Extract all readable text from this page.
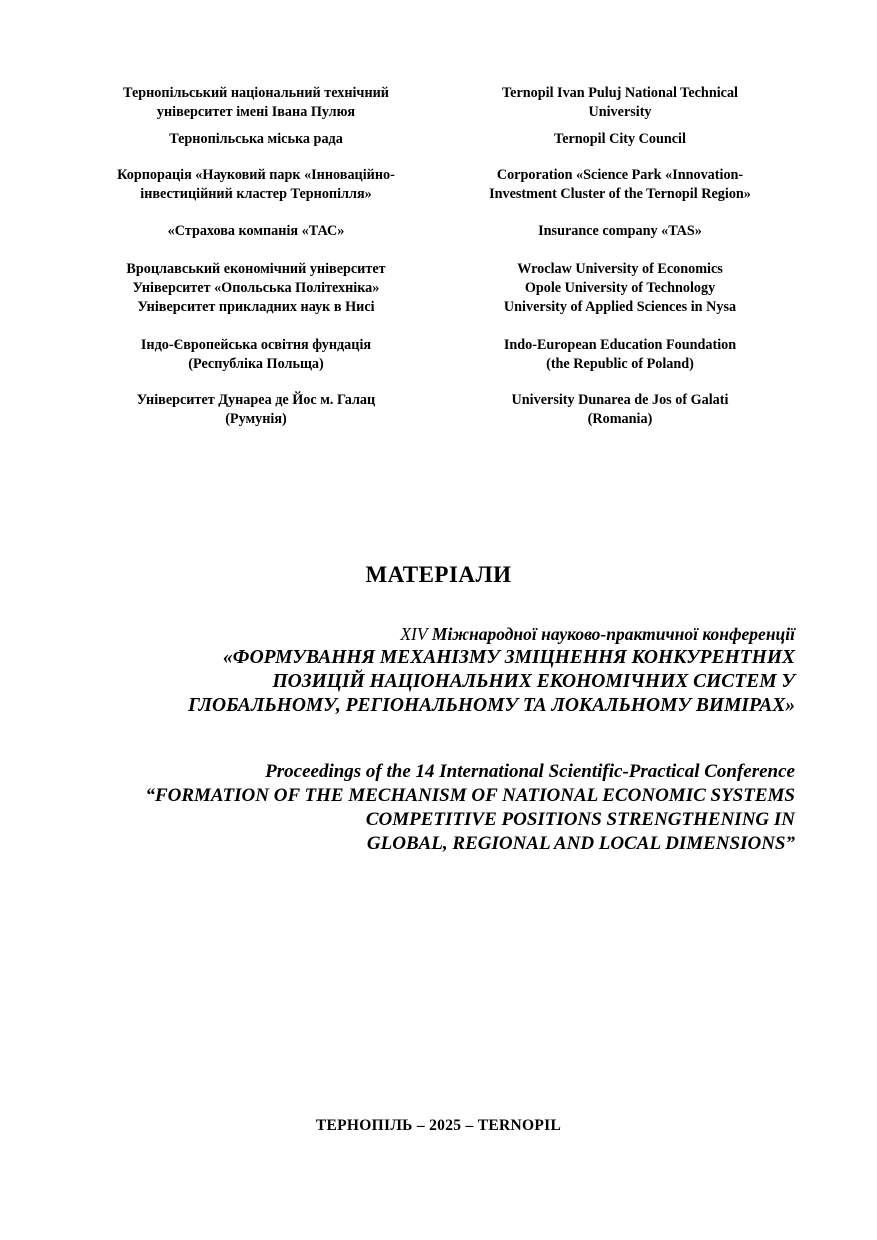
Тернопільський національний технічний
університет імені Івана Пулюя
Тернопільська міська рада
Корпорація «Науковий парк «Інноваційно-
інвестиційний кластер Тернопілля»
«Страхова компанія «ТАС»
Вроцлавський економічний університет
Університет «Опольська Політехніка»
Університет прикладних наук в Нисі
Індо-Європейська освітня фундація
(Республіка Польща)
Університет Дунареа де Йос м. Галац
(Румунія)
Ternopil Ivan Puluj National Technical
University
Ternopil City Council
Corporation «Science Park «Innovation-
Investment Cluster of the Ternopil Region»
Insurance company «TAS»
Wroclaw University of Economics
Opole University of Technology
University of Applied Sciences in Nysa
Indo-European Education Foundation
(the Republic of Poland)
University Dunarea de Jos of Galati
(Romania)
МАТЕРІАЛИ
XIV Міжнародної науково-практичної конференції
«ФОРМУВАННЯ МЕХАНІЗМУ ЗМІЦНЕННЯ КОНКУРЕНТНИХ
ПОЗИЦІЙ НАЦІОНАЛЬНИХ ЕКОНОМІЧНИХ СИСТЕМ У
ГЛОБАЛЬНОМУ, РЕГІОНАЛЬНОМУ ТА ЛОКАЛЬНОМУ ВИМІРАХ»
Proceedings of the 14 International Scientific-Practical Conference
“FORMATION OF THE MECHANISM OF NATIONAL ECONOMIC SYSTEMS
COMPETITIVE POSITIONS STRENGTHENING IN
GLOBAL, REGIONAL AND LOCAL DIMENSIONS”
ТЕРНОПІЛЬ – 2025 – TERNOPIL
